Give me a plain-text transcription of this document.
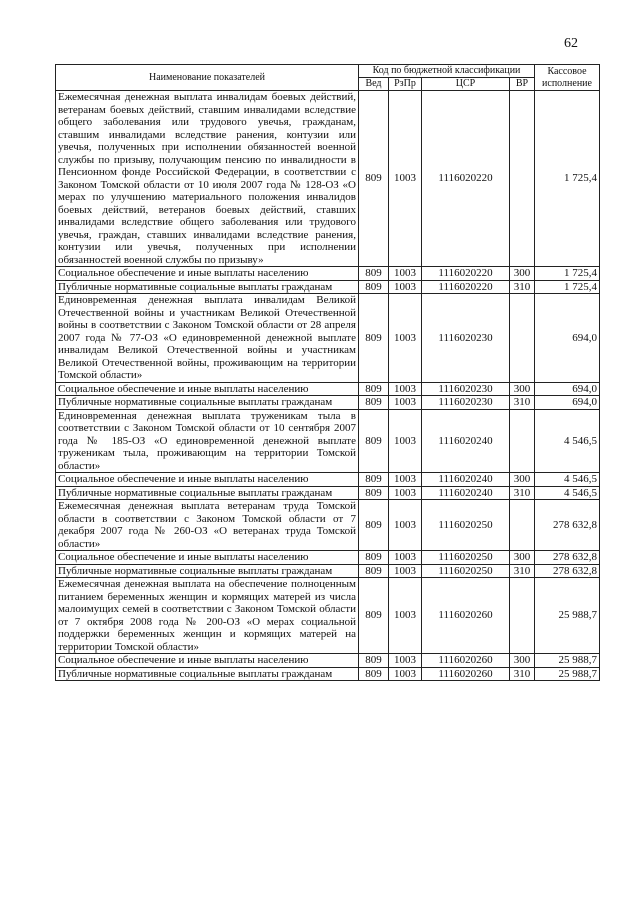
62
Наименование показателей	Код по бюджетной классификации				Кассовое исполнение
	Вед	РзПр	ЦСР	ВР	
Ежемесячная денежная выплата инвалидам боевых действий, ветеранам боевых действий, ставшим инвалидами вследствие общего заболевания или трудового увечья, гражданам, ставшим инвалидами вследствие ранения, контузии или увечья, полученных при исполнении обязанностей военной службы по призыву, получающим пенсию по инвалидности в Пенсионном фонде Российской Федерации, в соответствии с Законом Томской области от 10 июля 2007 года № 128-ОЗ «О мерах по улучшению материального положения инвалидов боевых действий, ветеранов боевых действий, ставших инвалидами вследствие общего заболевания или трудового увечья, граждан, ставших инвалидами вследствие ранения, контузии или увечья, полученных при исполнении обязанностей военной службы по призыву»	809	1003	1116020220		1 725,4
Социальное обеспечение и иные выплаты населению	809	1003	1116020220	300	1 725,4
Публичные нормативные социальные выплаты гражданам	809	1003	1116020220	310	1 725,4
Единовременная денежная выплата инвалидам Великой Отечественной войны и участникам Великой Отечественной войны в соответствии с Законом Томской области от 28 апреля 2007 года № 77-ОЗ «О единовременной денежной выплате инвалидам Великой Отечественной войны и участникам Великой Отечественной войны, проживающим на территории Томской области»	809	1003	1116020230		694,0
Социальное обеспечение и иные выплаты населению	809	1003	1116020230	300	694,0
Публичные нормативные социальные выплаты гражданам	809	1003	1116020230	310	694,0
Единовременная денежная выплата труженикам тыла в соответствии с Законом Томской области от 10 сентября 2007 года № 185-ОЗ «О единовременной денежной выплате труженикам тыла, проживающим на территории Томской области»	809	1003	1116020240		4 546,5
Социальное обеспечение и иные выплаты населению	809	1003	1116020240	300	4 546,5
Публичные нормативные социальные выплаты гражданам	809	1003	1116020240	310	4 546,5
Ежемесячная денежная выплата ветеранам труда Томской области в соответствии с Законом Томской области от 7 декабря 2007 года № 260-ОЗ «О ветеранах труда Томской области»	809	1003	1116020250		278 632,8
Социальное обеспечение и иные выплаты населению	809	1003	1116020250	300	278 632,8
Публичные нормативные социальные выплаты гражданам	809	1003	1116020250	310	278 632,8
Ежемесячная денежная выплата на обеспечение полноценным питанием беременных женщин и кормящих матерей из числа малоимущих семей в соответствии с Законом Томской области от 7 октября 2008 года № 200-ОЗ «О мерах социальной поддержки беременных женщин и кормящих матерей на территории Томской области»	809	1003	1116020260		25 988,7
Социальное обеспечение и иные выплаты населению	809	1003	1116020260	300	25 988,7
Публичные нормативные социальные выплаты гражданам	809	1003	1116020260	310	25 988,7
